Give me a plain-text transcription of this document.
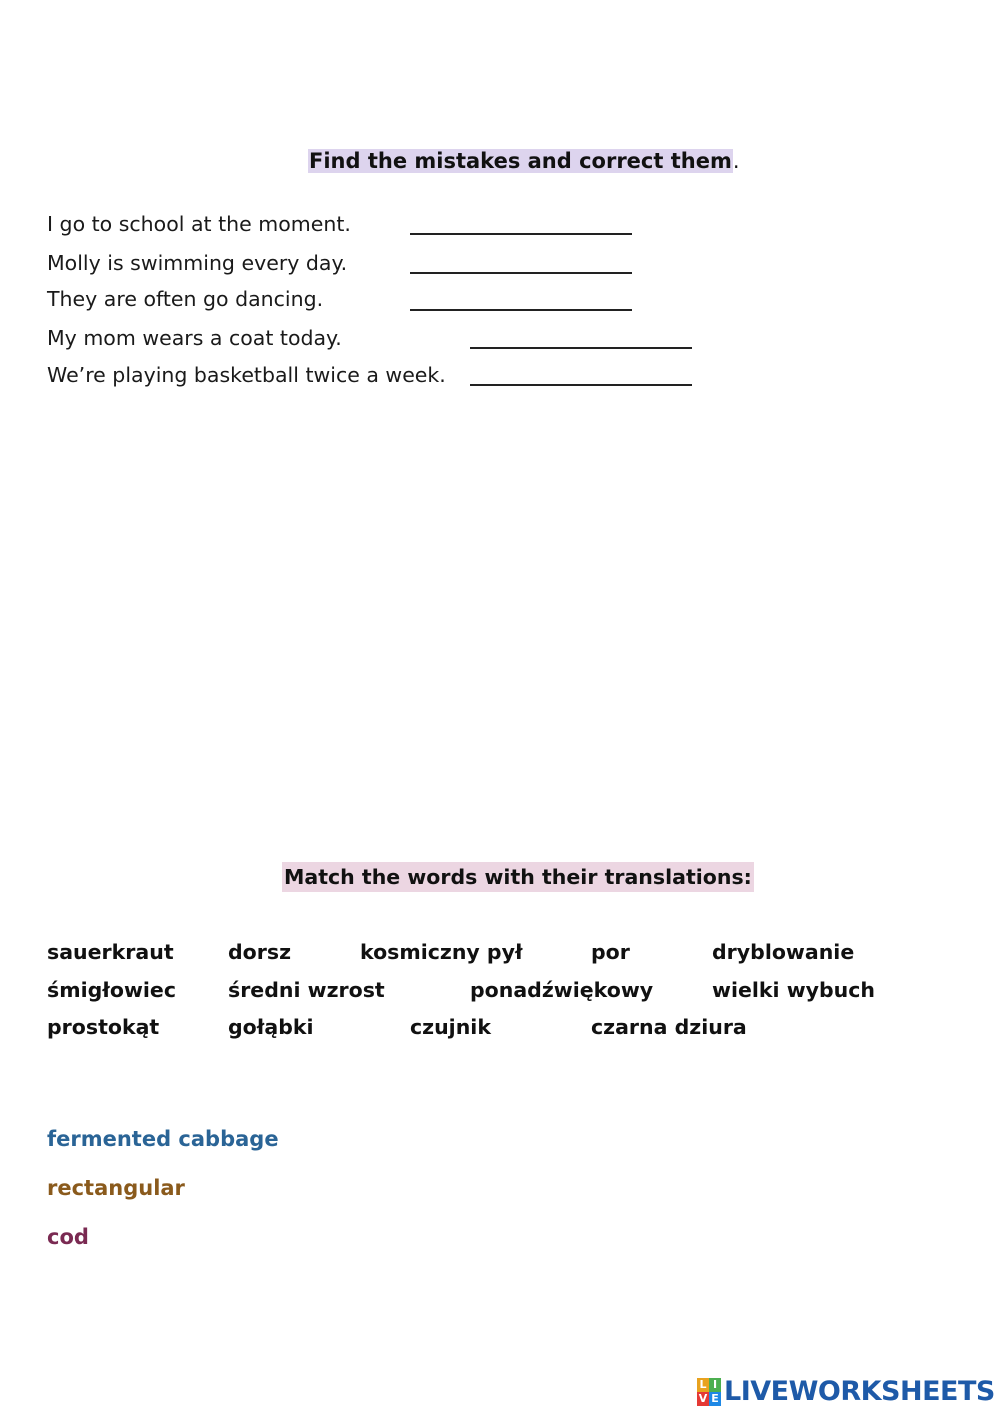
Find the mistakes and correct them.
I go to school at the moment.
Molly is swimming every day.
They are often go dancing.
My mom wears a coat today.
We’re playing basketball twice a week.
Match the words with their translations:
sauerkraut	dorsz	kosmiczny pył	por	dryblowanie
śmigłowiec	średni wzrost	ponadźwiękowy	wielki wybuch
prostokąt	gołąbki	czujnik	czarna dziura
fermented cabbage
rectangular
cod
L I
V E LIVEWORKSHEETS
